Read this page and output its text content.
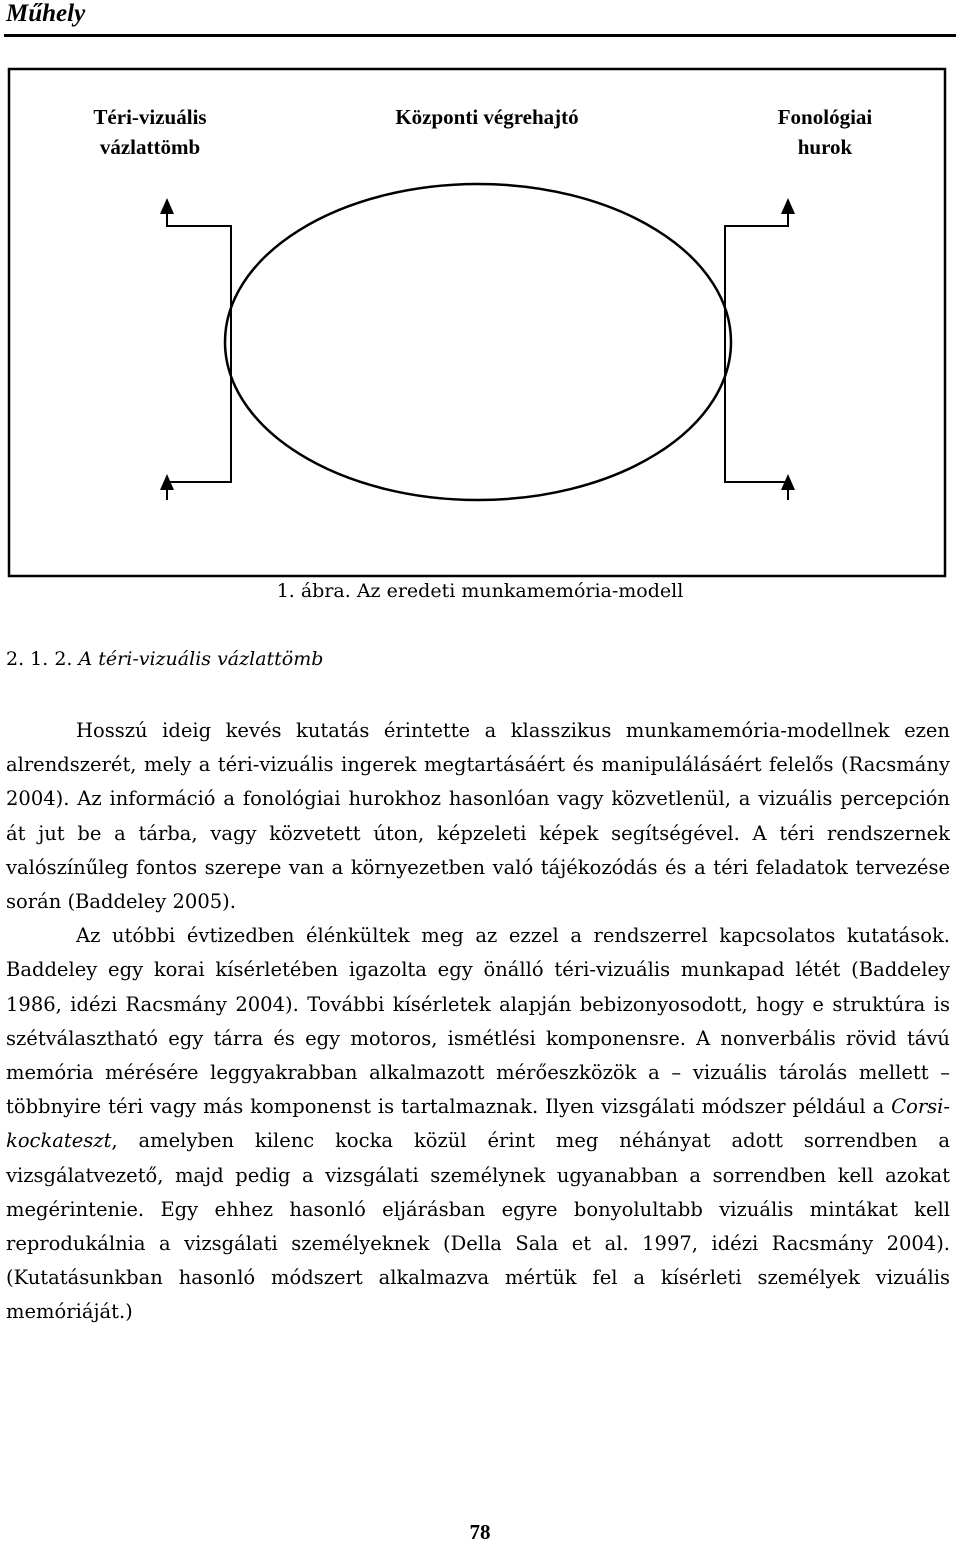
Műhely
Téri-vizuális
vázlattömb
Központi végrehajtó	Fonológiai
hurok
1. ábra. Az eredeti munkamemória-modell
2. 1. 2. A téri-vizuális vázlattömb

Hosszú ideig kevés kutatás érintette a klasszikus munkamemória-modellnek ezen alrendszerét, mely a téri-vizuális ingerek megtartásáért és manipulálásáért felelős (Racsmány 2004). Az információ a fonológiai hurokhoz hasonlóan vagy közvetlenül, a vizuális percepción át jut be a tárba, vagy közvetett úton, képzeleti képek segítségével. A téri rendszernek valószínűleg fontos szerepe van a környezetben való tájékozódás és a téri feladatok tervezése során (Baddeley 2005).

Az utóbbi évtizedben élénkültek meg az ezzel a rendszerrel kapcsolatos kutatások. Baddeley egy korai kísérletében igazolta egy önálló téri-vizuális munkapad létét (Baddeley 1986, idézi Racsmány 2004). További kísérletek alapján bebizonyosodott, hogy e struktúra is szétválasztható egy tárra és egy motoros, ismétlési komponensre. A nonverbális rövid távú memória mérésére leggyakrabban alkalmazott mérőeszközök a – vizuális tárolás mellett – többnyire téri vagy más komponenst is tartalmaznak. Ilyen vizsgálati módszer például a Corsi-kockateszt, amelyben kilenc kocka közül érint meg néhányat adott sorrendben a vizsgálatvezető, majd pedig a vizsgálati személynek ugyanabban a sorrendben kell azokat megérintenie. Egy ehhez hasonló eljárásban egyre bonyolultabb vizuális mintákat kell reprodukálnia a vizsgálati személyeknek (Della Sala et al. 1997, idézi Racsmány 2004). (Kutatásunkban hasonló módszert alkalmazva mértük fel a kísérleti személyek vizuális memóriáját.)

78
